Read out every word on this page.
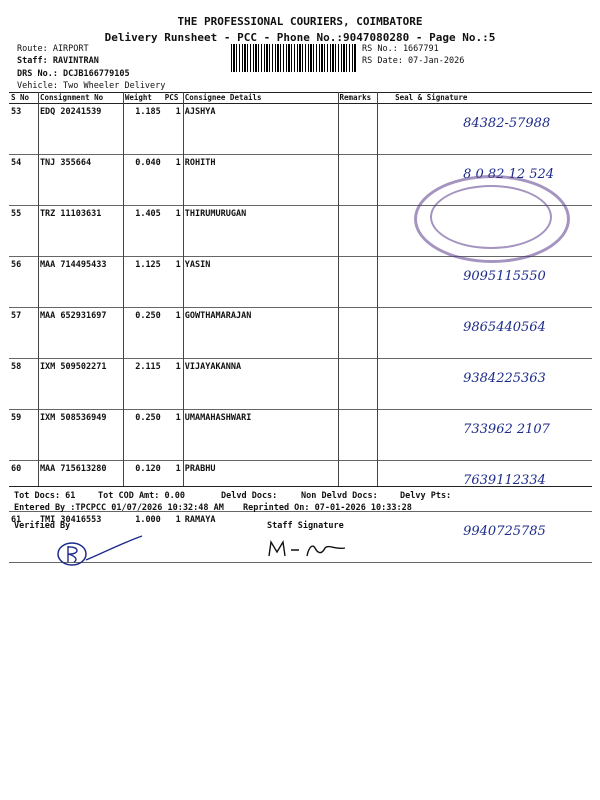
THE PROFESSIONAL COURIERS, COIMBATORE
Delivery Runsheet - PCC - Phone No.:9047080280 - Page No.:5
Route: AIRPORT
Staff: RAVINTRAN
DRS No.: DCJB166779105
Vehicle: Two Wheeler Delivery
RS No.: 1667791
RS Date: 07-Jan-2026
S No	Consignment No	Weight	PCS	Consignee Details	Remarks	Seal & Signature
53	EDQ 20241539	1.185	1	AJSHYA		84382-57988
54	TNJ 355664	0.040	1	ROHITH		8 0 82 12 524
55	TRZ 11103631	1.405	1	THIRUMURUGAN		
56	MAA 714495433	1.125	1	YASIN		9095115550
57	MAA 652931697	0.250	1	GOWTHAMARAJAN		9865440564
58	IXM 509502271	2.115	1	VIJAYAKANNA		9384225363
59	IXM 508536949	0.250	1	UMAMAHASHWARI		733962 2107
60	MAA 715613280	0.120	1	PRABHU		7639112334
61	TMI 30416553	1.000	1	RAMAYA		9940725785
Tot Docs: 61	Tot COD Amt: 0.00	Delvd Docs:	Non Delvd Docs:	Delvy Pts:
Entered By :TPCPCC 01/07/2026 10:32:48 AM Reprinted On: 07-01-2026 10:33:28
Verified By	Staff Signature
